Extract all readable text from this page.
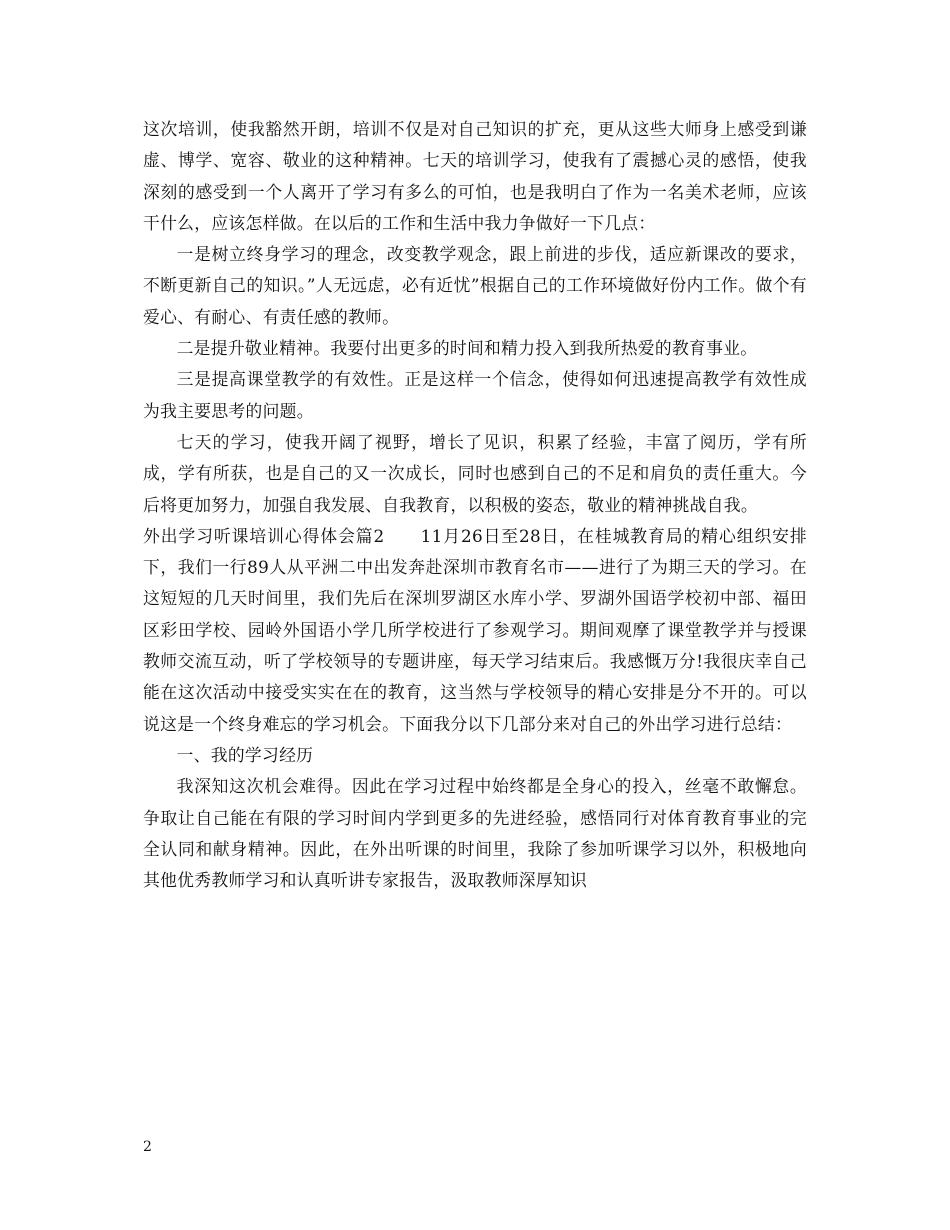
这次培训，使我豁然开朗，培训不仅是对自己知识的扩充，更从这些大师身上感受到谦虚、博学、宽容、敬业的这种精神。七天的培训学习，使我有了震撼心灵的感悟，使我深刻的感受到一个人离开了学习有多么的可怕，也是我明白了作为一名美术老师，应该干什么，应该怎样做。在以后的工作和生活中我力争做好一下几点：

一是树立终身学习的理念，改变教学观念，跟上前进的步伐，适应新课改的要求，不断更新自己的知识。”人无远虑，必有近忧”根据自己的工作环境做好份内工作。做个有爱心、有耐心、有责任感的教师。

二是提升敬业精神。我要付出更多的时间和精力投入到我所热爱的教育事业。

三是提高课堂教学的有效性。正是这样一个信念，使得如何迅速提高教学有效性成为我主要思考的问题。

七天的学习，使我开阔了视野，增长了见识，积累了经验，丰富了阅历，学有所成，学有所获，也是自己的又一次成长，同时也感到自己的不足和肩负的责任重大。今后将更加努力，加强自我发展、自我教育，以积极的姿态，敬业的精神挑战自我。

外出学习听课培训心得体会篇2　　11月26日至28日，在桂城教育局的精心组织安排下，我们一行89人从平洲二中出发奔赴深圳市教育名市——进行了为期三天的学习。在这短短的几天时间里，我们先后在深圳罗湖区水库小学、罗湖外国语学校初中部、福田区彩田学校、园岭外国语小学几所学校进行了参观学习。期间观摩了课堂教学并与授课教师交流互动，听了学校领导的专题讲座，每天学习结束后。我感慨万分!我很庆幸自己能在这次活动中接受实实在在的教育，这当然与学校领导的精心安排是分不开的。可以说这是一个终身难忘的学习机会。下面我分以下几部分来对自己的外出学习进行总结：

一、我的学习经历

我深知这次机会难得。因此在学习过程中始终都是全身心的投入，丝毫不敢懈怠。争取让自己能在有限的学习时间内学到更多的先进经验，感悟同行对体育教育事业的完全认同和献身精神。因此，在外出听课的时间里，我除了参加听课学习以外，积极地向其他优秀教师学习和认真听讲专家报告，汲取教师深厚知识

2
